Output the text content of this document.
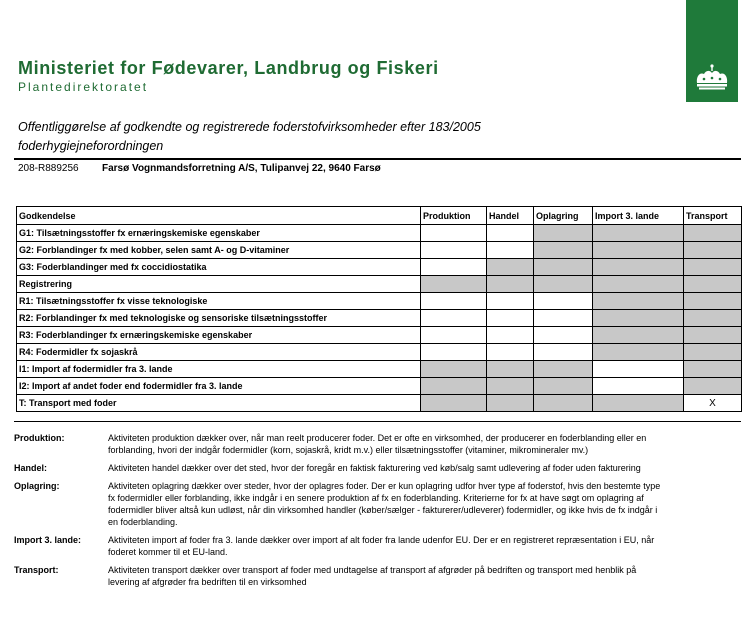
Ministeriet for Fødevarer, Landbrug og Fiskeri
Plantedirektoratet
Offentliggørelse af godkendte og registrerede foderstofvirksomheder efter 183/2005
foderhygiejneforordningen
208-R889256 Farsø Vognmandsforretning A/S, Tulipanvej 22, 9640 Farsø
Godkendelse	Produktion	Handel	Oplagring	Import 3. lande	Transport
G1: Tilsætningsstoffer fx ernæringskemiske egenskaber					
G2: Forblandinger fx med kobber, selen samt A- og D-vitaminer					
G3: Foderblandinger med fx coccidiostatika					
Registrering					
R1: Tilsætningsstoffer fx visse teknologiske					
R2: Forblandinger fx med teknologiske og sensoriske tilsætningsstoffer					
R3: Foderblandinger fx ernæringskemiske egenskaber					
R4: Fodermidler fx sojaskrå					
I1: Import af fodermidler fra 3. lande					
I2: Import af andet foder end fodermidler fra 3. lande					
T: Transport med foder					X
Produktion:	Aktiviteten produktion dækker over, når man reelt producerer foder. Det er ofte en virksomhed, der producerer en foderblanding eller en forblanding, hvori der indgår fodermidler (korn, sojaskrå, kridt m.v.) eller tilsætningsstoffer (vitaminer, mikromineraler mv.)
Handel:	Aktiviteten handel dækker over det sted, hvor der foregår en faktisk fakturering ved køb/salg samt udlevering af foder uden fakturering
Oplagring:	Aktiviteten oplagring dækker over steder, hvor der oplagres foder. Der er kun oplagring udfor hver type af foderstof, hvis den bestemte type fx fodermidler eller forblanding, ikke indgår i en senere produktion af fx en foderblanding. Kriterierne for fx at have søgt om oplagring af fodermidler bliver altså kun udløst, når din virksomhed handler (køber/sælger - fakturerer/udleverer) fodermidler, og ikke hvis de fx indgår i en foderblanding.
Import 3. lande:	Aktiviteten import af foder fra 3. lande dækker over import af alt foder fra lande udenfor EU. Der er en registreret repræsentation i EU, når foderet kommer til et EU-land.
Transport:	Aktiviteten transport dækker over transport af foder med undtagelse af transport af afgrøder på bedriften og transport med henblik på levering af afgrøder fra bedriften til en virksomhed
